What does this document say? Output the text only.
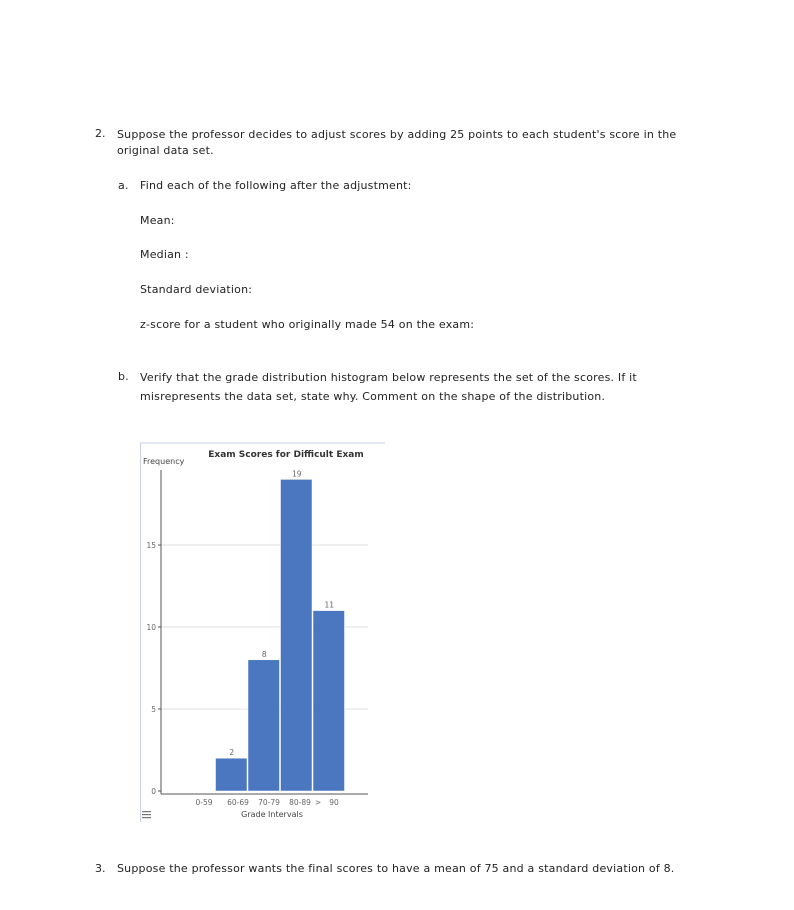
2. Suppose the professor decides to adjust scores by adding 25 points to each student's score in the original data set.
a. Find each of the following after the adjustment:
Mean:
Median :
Standard deviation:
z-score for a student who originally made 54 on the exam:
b. Verify that the grade distribution histogram below represents the set of the scores. If it misrepresents the data set, state why. Comment on the shape of the distribution.
Exam Scores for Difficult Exam
Frequency
Grade Intervals
0
5
10
15
2
8
19
11
0-59 60-69 70-79 80-89 > 90
3. Suppose the professor wants the final scores to have a mean of 75 and a standard deviation of 8.
